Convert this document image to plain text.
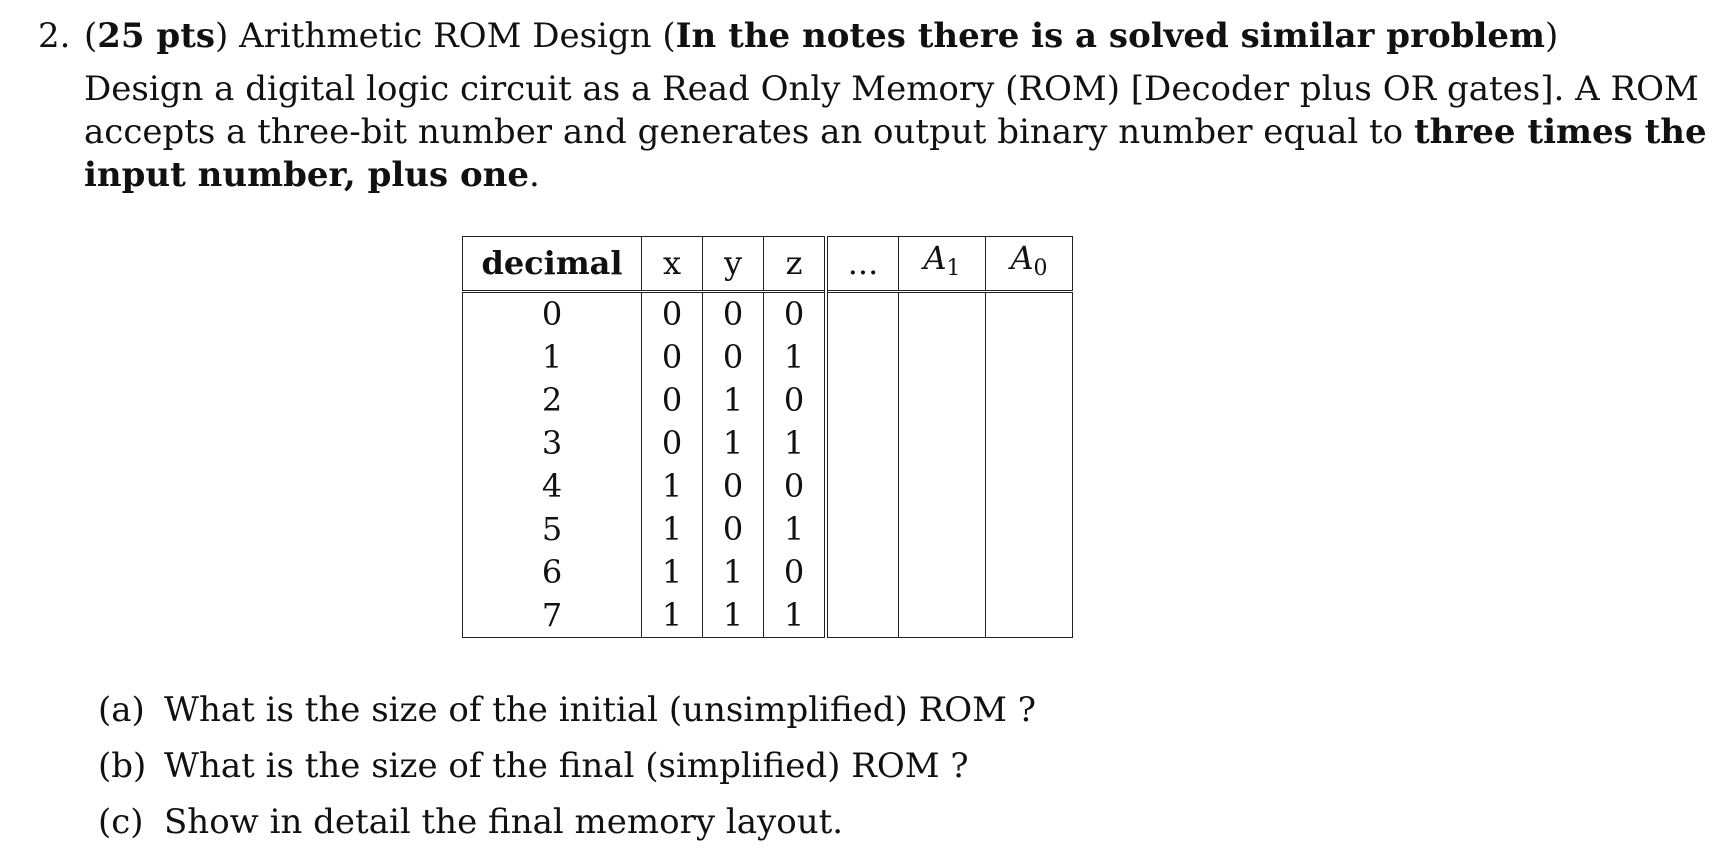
2. (25 pts) Arithmetic ROM Design (In the notes there is a solved similar problem)
Design a digital logic circuit as a Read Only Memory (ROM) [Decoder plus OR gates]. A ROM
accepts a three-bit number and generates an output binary number equal to three times the
input number, plus one.
decimal	x	y	z	...	$A_1$	$A_0$
0	0	0	0			
1	0	0	1			
2	0	1	0			
3	0	1	1			
4	1	0	0			
5	1	0	1			
6	1	1	0			
7	1	1	1			
(a) What is the size of the initial (unsimplified) ROM ?
(b) What is the size of the final (simplified) ROM ?
(c) Show in detail the final memory layout.
